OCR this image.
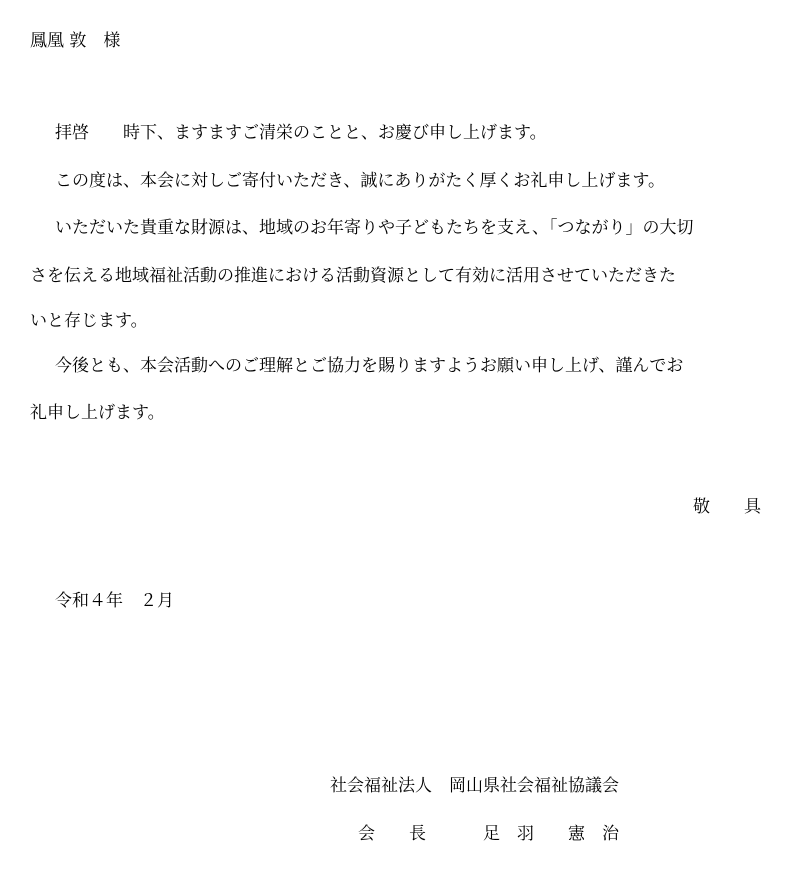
鳳凰 敦　様

拝啓　　時下、ますますご清栄のことと、お慶び申し上げます。

この度は、本会に対しご寄付いただき、誠にありがたく厚くお礼申し上げます。

いただいた貴重な財源は、地域のお年寄りや子どもたちを支え、「つながり」の大切

さを伝える地域福祉活動の推進における活動資源として有効に活用させていただきた

いと存じます。

今後とも、本会活動へのご理解とご協力を賜りますようお願い申し上げ、謹んでお

礼申し上げます。

敬　　具

令和４年　２月

社会福祉法人　岡山県社会福祉協議会

会　　長	足　羽　　憲　治
